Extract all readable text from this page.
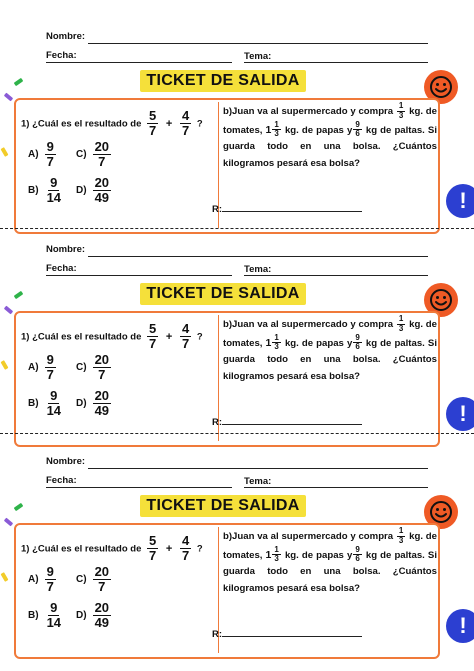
Nombre:
Fecha:	Tema:
TICKET DE SALIDA
1) ¿Cuál es el resultado de $\frac{5}{7} + \frac{4}{7}$ ?
$A) \frac{9}{7} C) \frac{20}{7}$
$B) \frac{9}{14} D) \frac{20}{49}$
b)Juan va al supermercado y compra $\frac{1}{3}$ kg. de tomates, $1 \frac{1}{3}$ kg. de papas y $\frac{9}{6}$ kg de paltas. Si guarda todo en una bolsa. ¿Cuántos kilogramos pesará esa bolsa?
R:	!
Nombre:
Fecha:	Tema:
TICKET DE SALIDA
1) ¿Cuál es el resultado de $\frac{5}{7} + \frac{4}{7}$ ?
$A) \frac{9}{7} C) \frac{20}{7}$
$B) \frac{9}{14} D) \frac{20}{49}$
b)Juan va al supermercado y compra $\frac{1}{3}$ kg. de tomates, $1 \frac{1}{3}$ kg. de papas y $\frac{9}{6}$ kg de paltas. Si guarda todo en una bolsa. ¿Cuántos kilogramos pesará esa bolsa?
R:	!
Nombre:
Fecha:	Tema:
TICKET DE SALIDA
1) ¿Cuál es el resultado de $\frac{5}{7} + \frac{4}{7}$ ?
$A) \frac{9}{7} C) \frac{20}{7}$
$B) \frac{9}{14} D) \frac{20}{49}$
b)Juan va al supermercado y compra $\frac{1}{3}$ kg. de tomates, $1 \frac{1}{3}$ kg. de papas y $\frac{9}{6}$ kg de paltas. Si guarda todo en una bolsa. ¿Cuántos kilogramos pesará esa bolsa?
R:	!
